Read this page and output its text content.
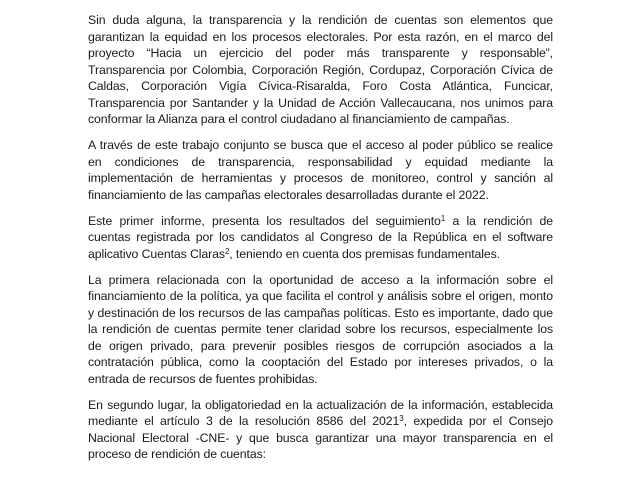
Sin duda alguna, la transparencia y la rendición de cuentas son elementos que garantizan la equidad en los procesos electorales. Por esta razón, en el marco del proyecto “Hacia un ejercicio del poder más transparente y responsable”, Transparencia por Colombia, Corporación Región, Cordupaz, Corporación Cívica de Caldas, Corporación Vigía Cívica-Risaralda, Foro Costa Atlántica, Funcicar, Transparencia por Santander y la Unidad de Acción Vallecaucana, nos unimos para conformar la Alianza para el control ciudadano al financiamiento de campañas.

A través de este trabajo conjunto se busca que el acceso al poder público se realice en condiciones de transparencia, responsabilidad y equidad mediante la implementación de herramientas y procesos de monitoreo, control y sanción al financiamiento de las campañas electorales desarrolladas durante el 2022.

Este primer informe, presenta los resultados del seguimiento$^1$ a la rendición de cuentas registrada por los candidatos al Congreso de la República en el software aplicativo Cuentas Claras$^2$, teniendo en cuenta dos premisas fundamentales.

La primera relacionada con la oportunidad de acceso a la información sobre el financiamiento de la política, ya que facilita el control y análisis sobre el origen, monto y destinación de los recursos de las campañas políticas. Esto es importante, dado que la rendición de cuentas permite tener claridad sobre los recursos, especialmente los de origen privado, para prevenir posibles riesgos de corrupción asociados a la contratación pública, como la cooptación del Estado por intereses privados, o la entrada de recursos de fuentes prohibidas.

En segundo lugar, la obligatoriedad en la actualización de la información, establecida mediante el artículo 3 de la resolución 8586 del 2021$^3$, expedida por el Consejo Nacional Electoral -CNE- y que busca garantizar una mayor transparencia en el proceso de rendición de cuentas:
